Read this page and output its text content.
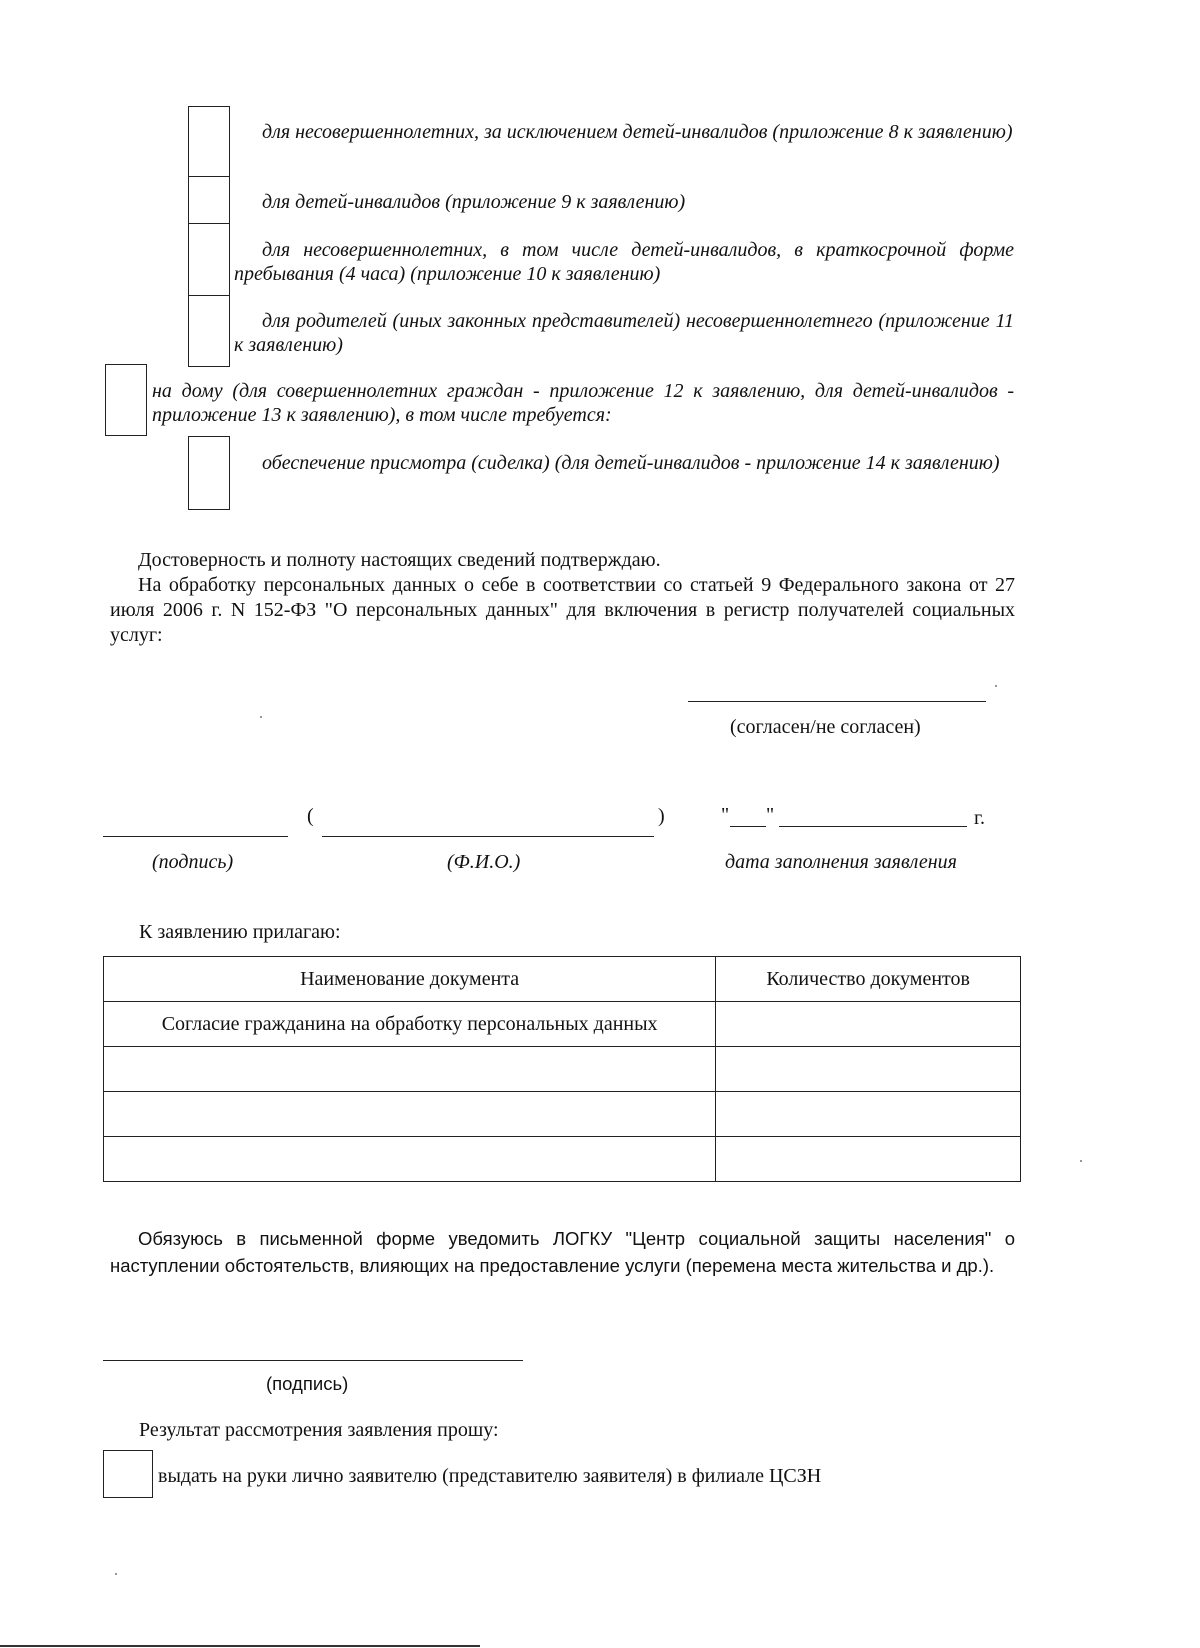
для несовершеннолетних, за исключением детей-инвалидов (приложение 8 к заявлению)
для детей-инвалидов (приложение 9 к заявлению)
для несовершеннолетних, в том числе детей-инвалидов, в краткосрочной форме пребывания (4 часа) (приложение 10 к заявлению)
для родителей (иных законных представителей) несовершеннолетнего (приложение 11 к заявлению)
на дому (для совершеннолетних граждан - приложение 12 к заявлению, для детей-инвалидов - приложение 13 к заявлению), в том числе требуется:
обеспечение присмотра (сиделка) (для детей-инвалидов - приложение 14 к заявлению)
Достоверность и полноту настоящих сведений подтверждаю.
На обработку персональных данных о себе в соответствии со статьей 9 Федерального закона от 27 июля 2006 г. N 152-ФЗ "О персональных данных" для включения в регистр получателей социальных услуг:
(согласен/не согласен)
(	)	" "	г.
(подпись)	(Ф.И.О.)	дата заполнения заявления
К заявлению прилагаю:
Наименование документа	Количество документов
Согласие гражданина на обработку персональных данных	

Обязуюсь в письменной форме уведомить ЛОГКУ "Центр социальной защиты населения" о наступлении обстоятельств, влияющих на предоставление услуги (перемена места жительства и др.).
(подпись)
Результат рассмотрения заявления прошу:
выдать на руки лично заявителю (представителю заявителя) в филиале ЦСЗН
